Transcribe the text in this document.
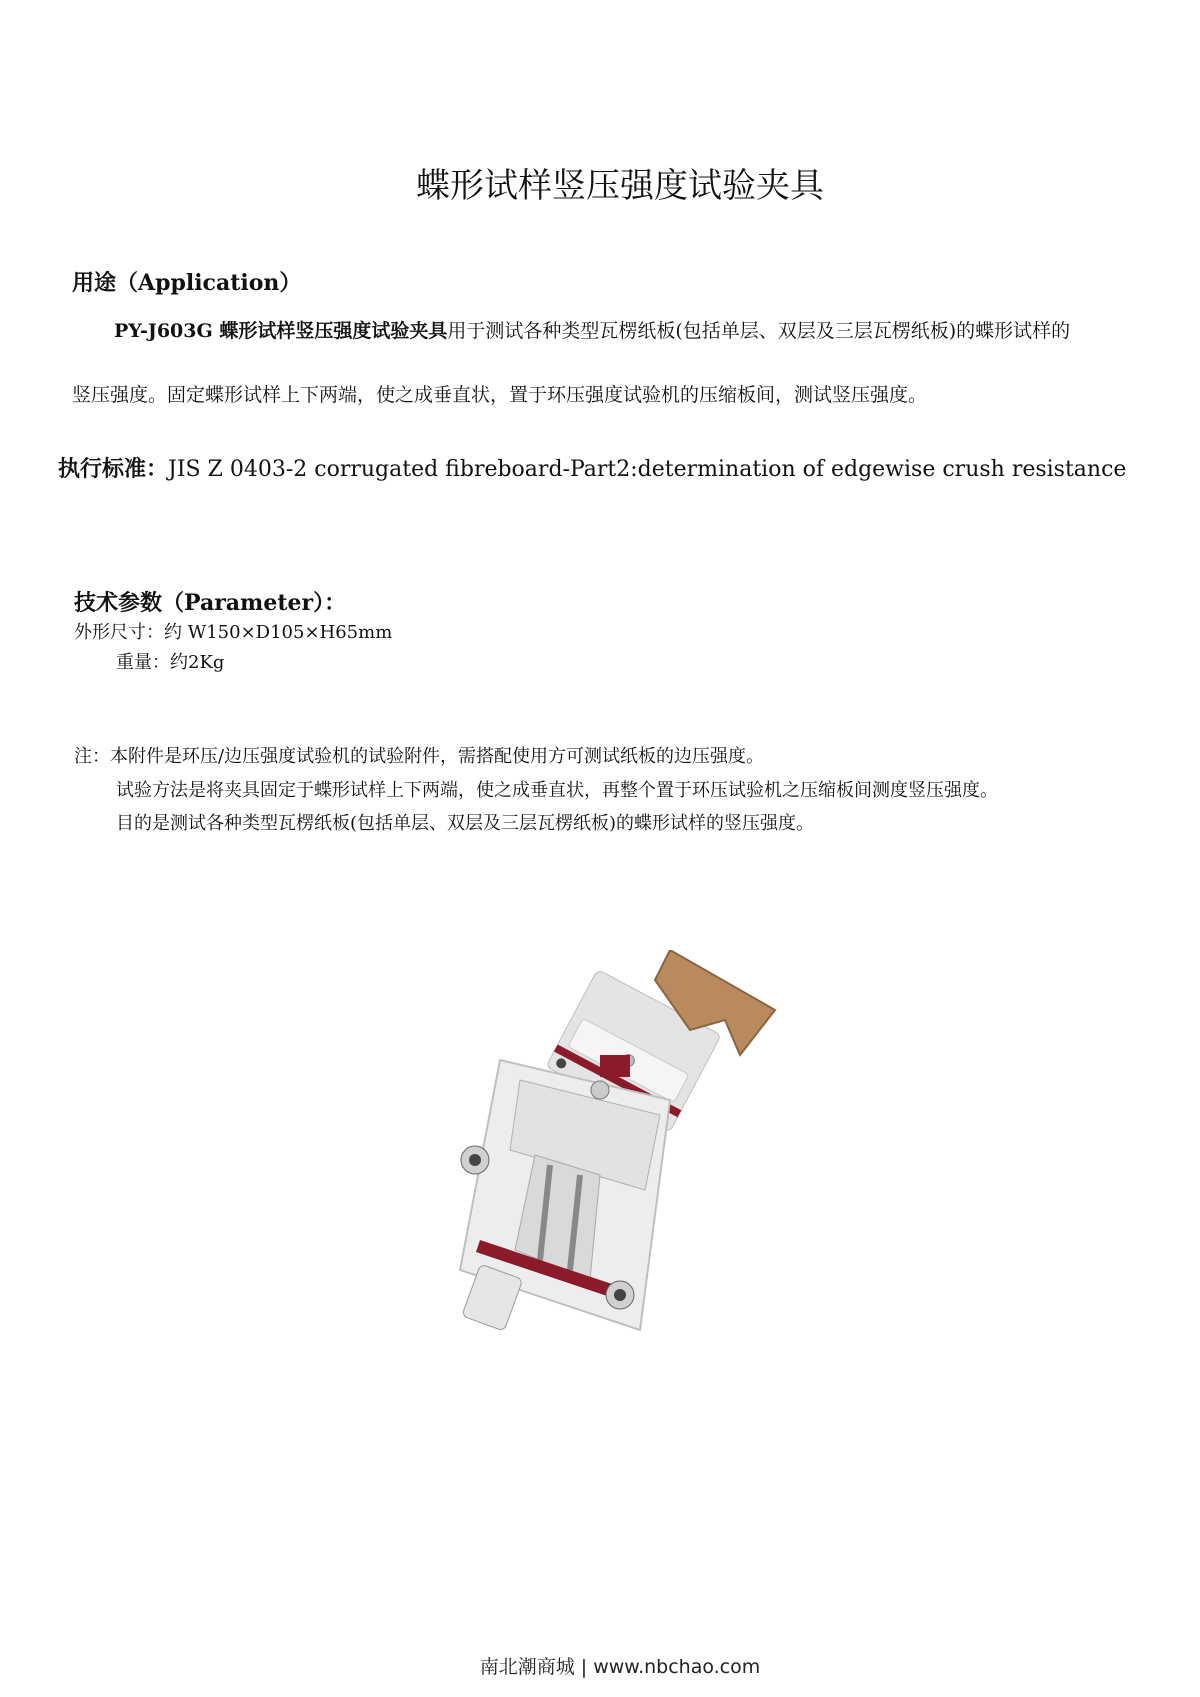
蝶形试样竖压强度试验夹具
用途（Application）
PY-J603G 蝶形试样竖压强度试验夹具用于测试各种类型瓦楞纸板(包括单层、双层及三层瓦楞纸板)的蝶形试样的
竖压强度。固定蝶形试样上下两端，使之成垂直状，置于环压强度试验机的压缩板间，测试竖压强度。
执行标准：JIS Z 0403-2 corrugated fibreboard-Part2:determination of edgewise crush resistance
技术参数（Parameter）：
外形尺寸：约 W150×D105×H65mm
重量：约2Kg
注：本附件是环压/边压强度试验机的试验附件，需搭配使用方可测试纸板的边压强度。
试验方法是将夹具固定于蝶形试样上下两端，使之成垂直状，再整个置于环压试验机之压缩板间测度竖压强度。
目的是测试各种类型瓦楞纸板(包括单层、双层及三层瓦楞纸板)的蝶形试样的竖压强度。
南北潮商城 | www.nbchao.com
